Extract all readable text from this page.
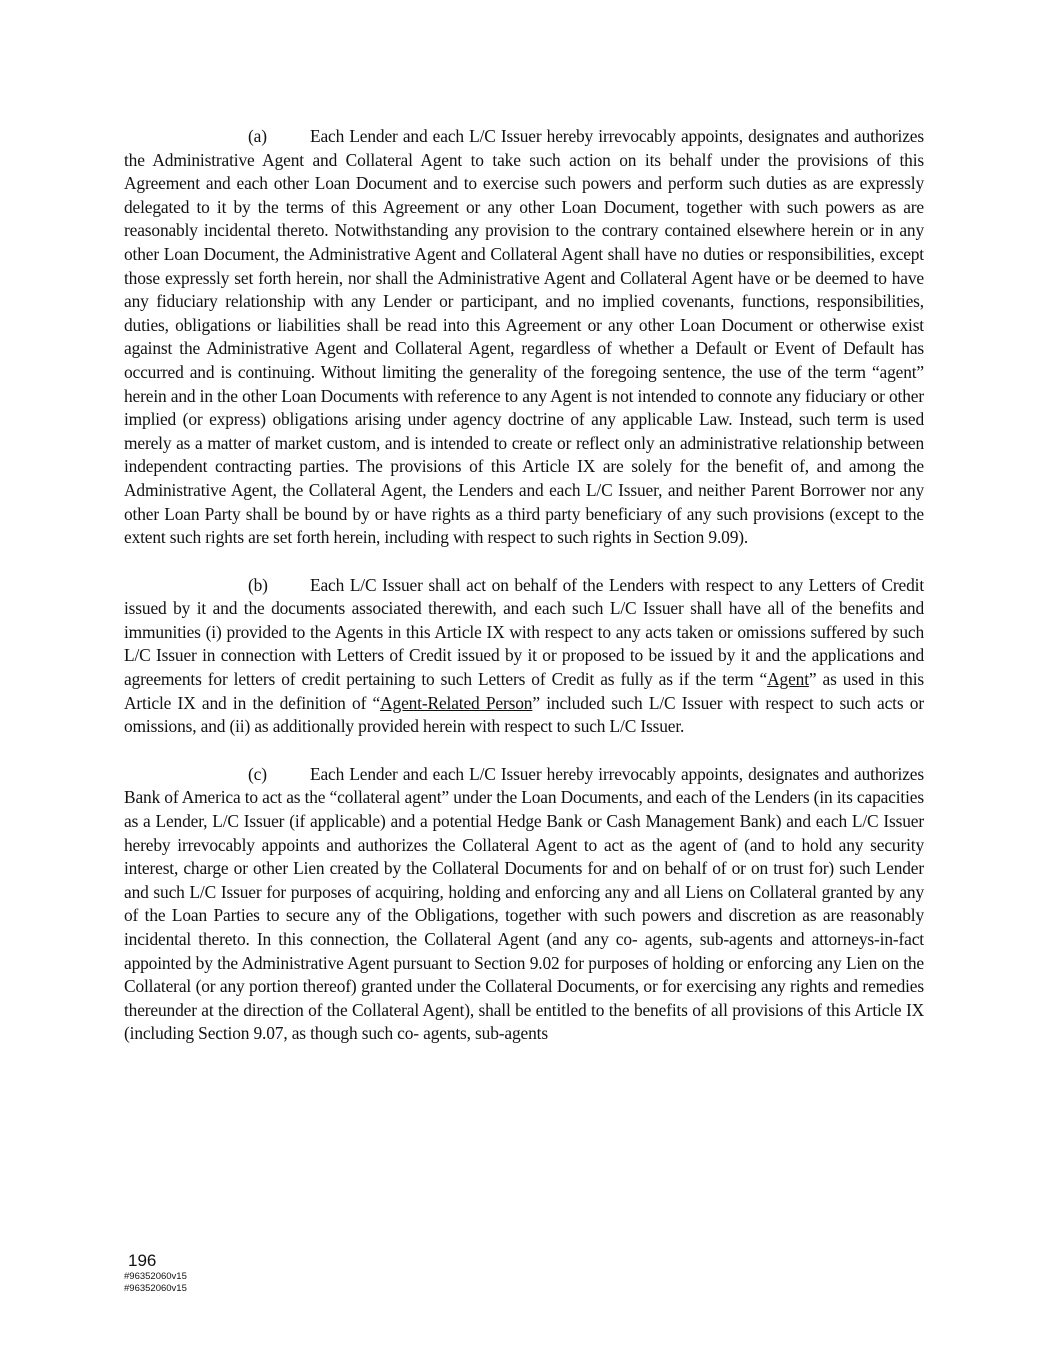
(a) Each Lender and each L/C Issuer hereby irrevocably appoints, designates and authorizes the Administrative Agent and Collateral Agent to take such action on its behalf under the provisions of this Agreement and each other Loan Document and to exercise such powers and perform such duties as are expressly delegated to it by the terms of this Agreement or any other Loan Document, together with such powers as are reasonably incidental thereto. Notwithstanding any provision to the contrary contained elsewhere herein or in any other Loan Document, the Administrative Agent and Collateral Agent shall have no duties or responsibilities, except those expressly set forth herein, nor shall the Administrative Agent and Collateral Agent have or be deemed to have any fiduciary relationship with any Lender or participant, and no implied covenants, functions, responsibilities, duties, obligations or liabilities shall be read into this Agreement or any other Loan Document or otherwise exist against the Administrative Agent and Collateral Agent, regardless of whether a Default or Event of Default has occurred and is continuing. Without limiting the generality of the foregoing sentence, the use of the term “agent” herein and in the other Loan Documents with reference to any Agent is not intended to connote any fiduciary or other implied (or express) obligations arising under agency doctrine of any applicable Law. Instead, such term is used merely as a matter of market custom, and is intended to create or reflect only an administrative relationship between independent contracting parties. The provisions of this Article IX are solely for the benefit of, and among the Administrative Agent, the Collateral Agent, the Lenders and each L/C Issuer, and neither Parent Borrower nor any other Loan Party shall be bound by or have rights as a third party beneficiary of any such provisions (except to the extent such rights are set forth herein, including with respect to such rights in Section 9.09).

(b) Each L/C Issuer shall act on behalf of the Lenders with respect to any Letters of Credit issued by it and the documents associated therewith, and each such L/C Issuer shall have all of the benefits and immunities (i) provided to the Agents in this Article IX with respect to any acts taken or omissions suffered by such L/C Issuer in connection with Letters of Credit issued by it or proposed to be issued by it and the applications and agreements for letters of credit pertaining to such Letters of Credit as fully as if the term “Agent” as used in this Article IX and in the definition of “Agent-Related Person” included such L/C Issuer with respect to such acts or omissions, and (ii) as additionally provided herein with respect to such L/C Issuer.

(c) Each Lender and each L/C Issuer hereby irrevocably appoints, designates and authorizes Bank of America to act as the “collateral agent” under the Loan Documents, and each of the Lenders (in its capacities as a Lender, L/C Issuer (if applicable) and a potential Hedge Bank or Cash Management Bank) and each L/C Issuer hereby irrevocably appoints and authorizes the Collateral Agent to act as the agent of (and to hold any security interest, charge or other Lien created by the Collateral Documents for and on behalf of or on trust for) such Lender and such L/C Issuer for purposes of acquiring, holding and enforcing any and all Liens on Collateral granted by any of the Loan Parties to secure any of the Obligations, together with such powers and discretion as are reasonably incidental thereto. In this connection, the Collateral Agent (and any co- agents, sub-agents and attorneys-in-fact appointed by the Administrative Agent pursuant to Section 9.02 for purposes of holding or enforcing any Lien on the Collateral (or any portion thereof) granted under the Collateral Documents, or for exercising any rights and remedies thereunder at the direction of the Collateral Agent), shall be entitled to the benefits of all provisions of this Article IX (including Section 9.07, as though such co- agents, sub-agents

196
#96352060v15
#96352060v15
